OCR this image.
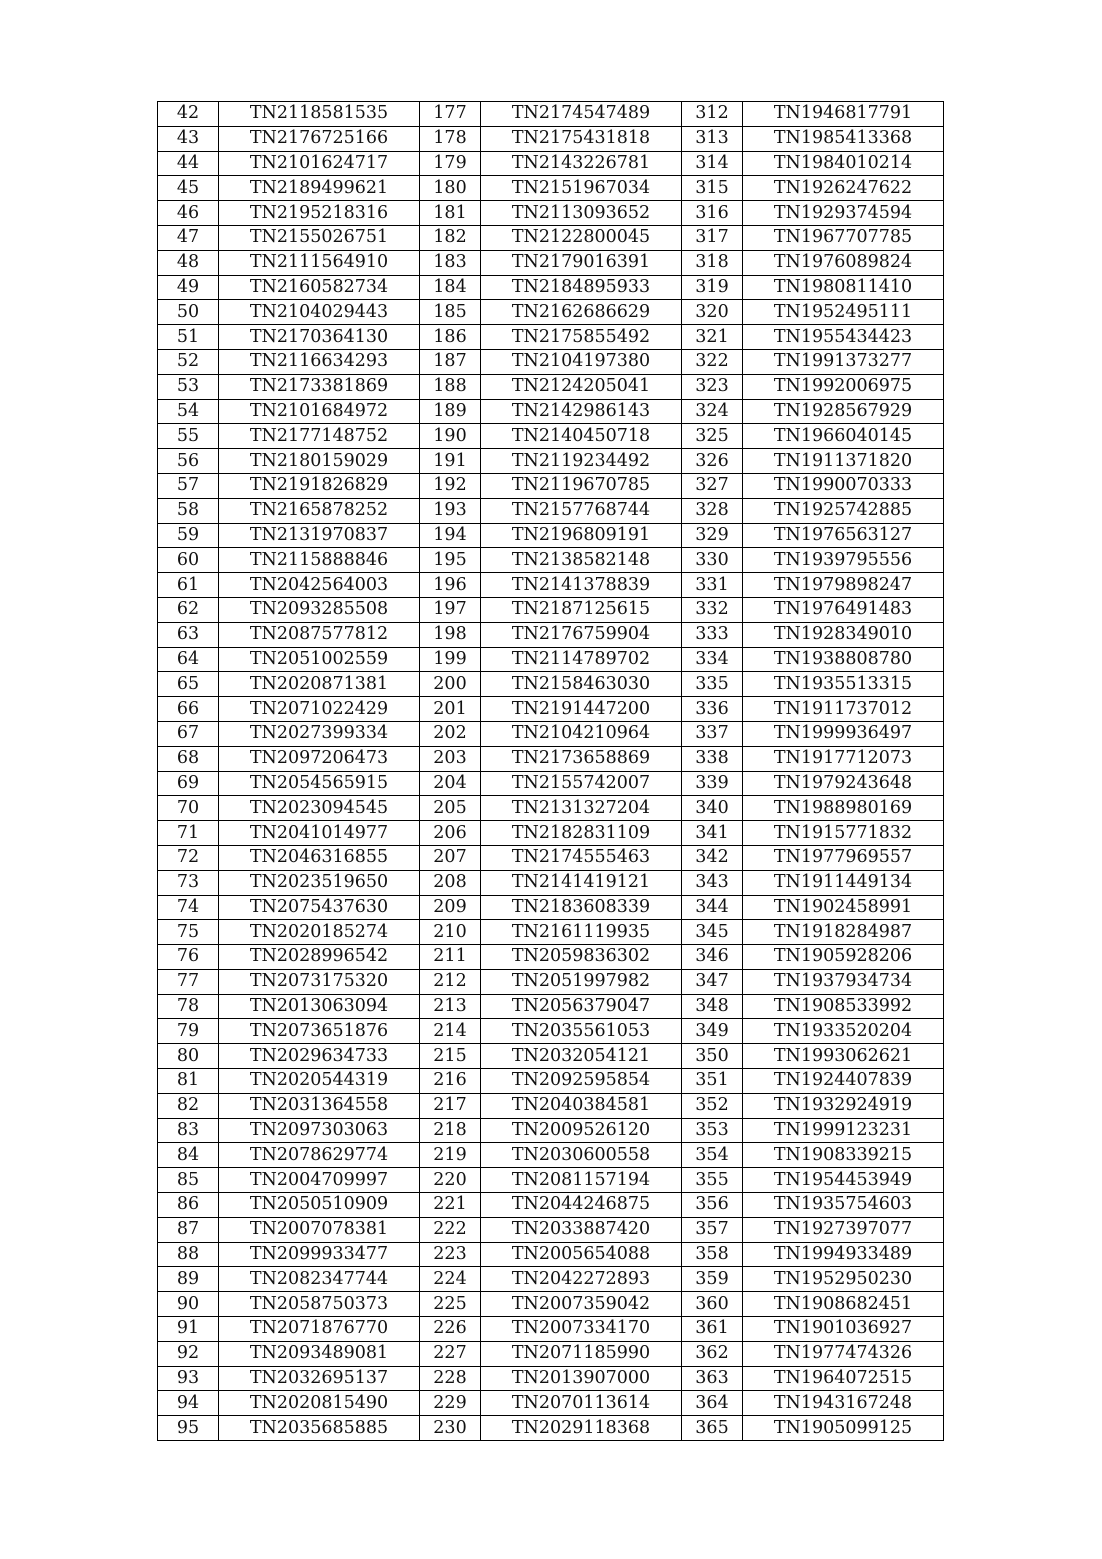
42	TN2118581535	177	TN2174547489	312	TN1946817791
43	TN2176725166	178	TN2175431818	313	TN1985413368
44	TN2101624717	179	TN2143226781	314	TN1984010214
45	TN2189499621	180	TN2151967034	315	TN1926247622
46	TN2195218316	181	TN2113093652	316	TN1929374594
47	TN2155026751	182	TN2122800045	317	TN1967707785
48	TN2111564910	183	TN2179016391	318	TN1976089824
49	TN2160582734	184	TN2184895933	319	TN1980811410
50	TN2104029443	185	TN2162686629	320	TN1952495111
51	TN2170364130	186	TN2175855492	321	TN1955434423
52	TN2116634293	187	TN2104197380	322	TN1991373277
53	TN2173381869	188	TN2124205041	323	TN1992006975
54	TN2101684972	189	TN2142986143	324	TN1928567929
55	TN2177148752	190	TN2140450718	325	TN1966040145
56	TN2180159029	191	TN2119234492	326	TN1911371820
57	TN2191826829	192	TN2119670785	327	TN1990070333
58	TN2165878252	193	TN2157768744	328	TN1925742885
59	TN2131970837	194	TN2196809191	329	TN1976563127
60	TN2115888846	195	TN2138582148	330	TN1939795556
61	TN2042564003	196	TN2141378839	331	TN1979898247
62	TN2093285508	197	TN2187125615	332	TN1976491483
63	TN2087577812	198	TN2176759904	333	TN1928349010
64	TN2051002559	199	TN2114789702	334	TN1938808780
65	TN2020871381	200	TN2158463030	335	TN1935513315
66	TN2071022429	201	TN2191447200	336	TN1911737012
67	TN2027399334	202	TN2104210964	337	TN1999936497
68	TN2097206473	203	TN2173658869	338	TN1917712073
69	TN2054565915	204	TN2155742007	339	TN1979243648
70	TN2023094545	205	TN2131327204	340	TN1988980169
71	TN2041014977	206	TN2182831109	341	TN1915771832
72	TN2046316855	207	TN2174555463	342	TN1977969557
73	TN2023519650	208	TN2141419121	343	TN1911449134
74	TN2075437630	209	TN2183608339	344	TN1902458991
75	TN2020185274	210	TN2161119935	345	TN1918284987
76	TN2028996542	211	TN2059836302	346	TN1905928206
77	TN2073175320	212	TN2051997982	347	TN1937934734
78	TN2013063094	213	TN2056379047	348	TN1908533992
79	TN2073651876	214	TN2035561053	349	TN1933520204
80	TN2029634733	215	TN2032054121	350	TN1993062621
81	TN2020544319	216	TN2092595854	351	TN1924407839
82	TN2031364558	217	TN2040384581	352	TN1932924919
83	TN2097303063	218	TN2009526120	353	TN1999123231
84	TN2078629774	219	TN2030600558	354	TN1908339215
85	TN2004709997	220	TN2081157194	355	TN1954453949
86	TN2050510909	221	TN2044246875	356	TN1935754603
87	TN2007078381	222	TN2033887420	357	TN1927397077
88	TN2099933477	223	TN2005654088	358	TN1994933489
89	TN2082347744	224	TN2042272893	359	TN1952950230
90	TN2058750373	225	TN2007359042	360	TN1908682451
91	TN2071876770	226	TN2007334170	361	TN1901036927
92	TN2093489081	227	TN2071185990	362	TN1977474326
93	TN2032695137	228	TN2013907000	363	TN1964072515
94	TN2020815490	229	TN2070113614	364	TN1943167248
95	TN2035685885	230	TN2029118368	365	TN1905099125
